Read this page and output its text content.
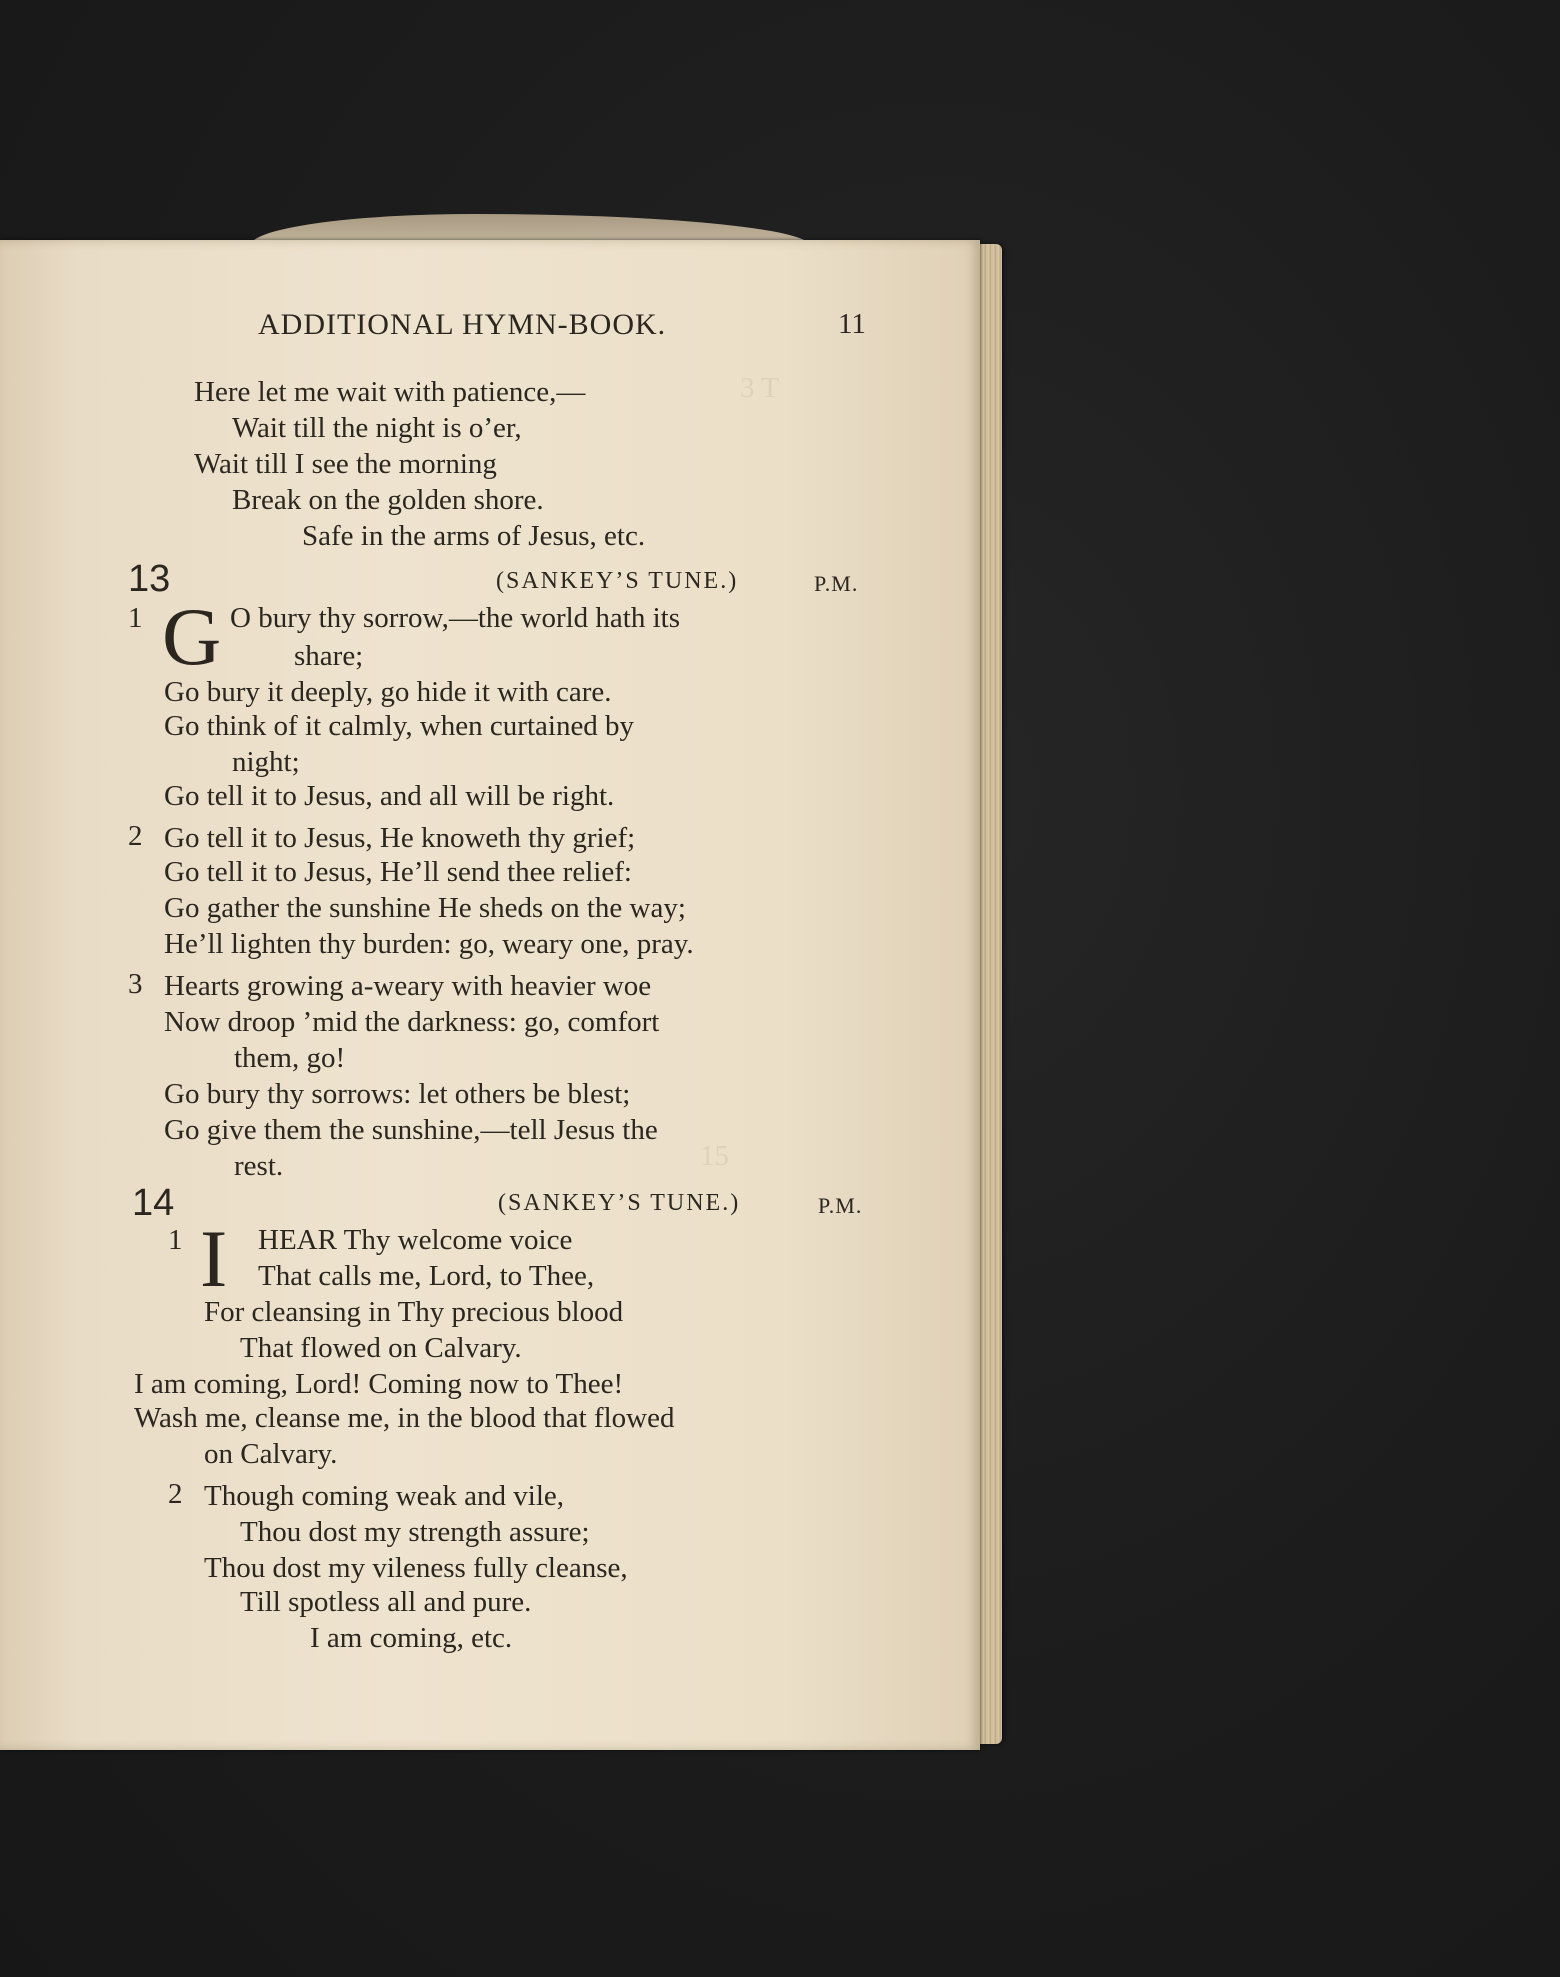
3 T
15
ADDITIONAL HYMN-BOOK.	11
Here let me wait with patience,—
Wait till the night is o’er,
Wait till I see the morning
Break on the golden shore.
Safe in the arms of Jesus, etc.
13	(SANKEY’S TUNE.)	P.M.
1 G O bury thy sorrow,—the world hath its
share;
Go bury it deeply, go hide it with care.
Go think of it calmly, when curtained by
night;
Go tell it to Jesus, and all will be right.
2 Go tell it to Jesus, He knoweth thy grief;
Go tell it to Jesus, He’ll send thee relief:
Go gather the sunshine He sheds on the way;
He’ll lighten thy burden: go, weary one, pray.
3 Hearts growing a-weary with heavier woe
Now droop ’mid the darkness: go, comfort
them, go!
Go bury thy sorrows: let others be blest;
Go give them the sunshine,—tell Jesus the
rest.
14	(SANKEY’S TUNE.)	P.M.
1 I HEAR Thy welcome voice
That calls me, Lord, to Thee,
For cleansing in Thy precious blood
That flowed on Calvary.
I am coming, Lord! Coming now to Thee!
Wash me, cleanse me, in the blood that flowed
on Calvary.
2 Though coming weak and vile,
Thou dost my strength assure;
Thou dost my vileness fully cleanse,
Till spotless all and pure.
I am coming, etc.
